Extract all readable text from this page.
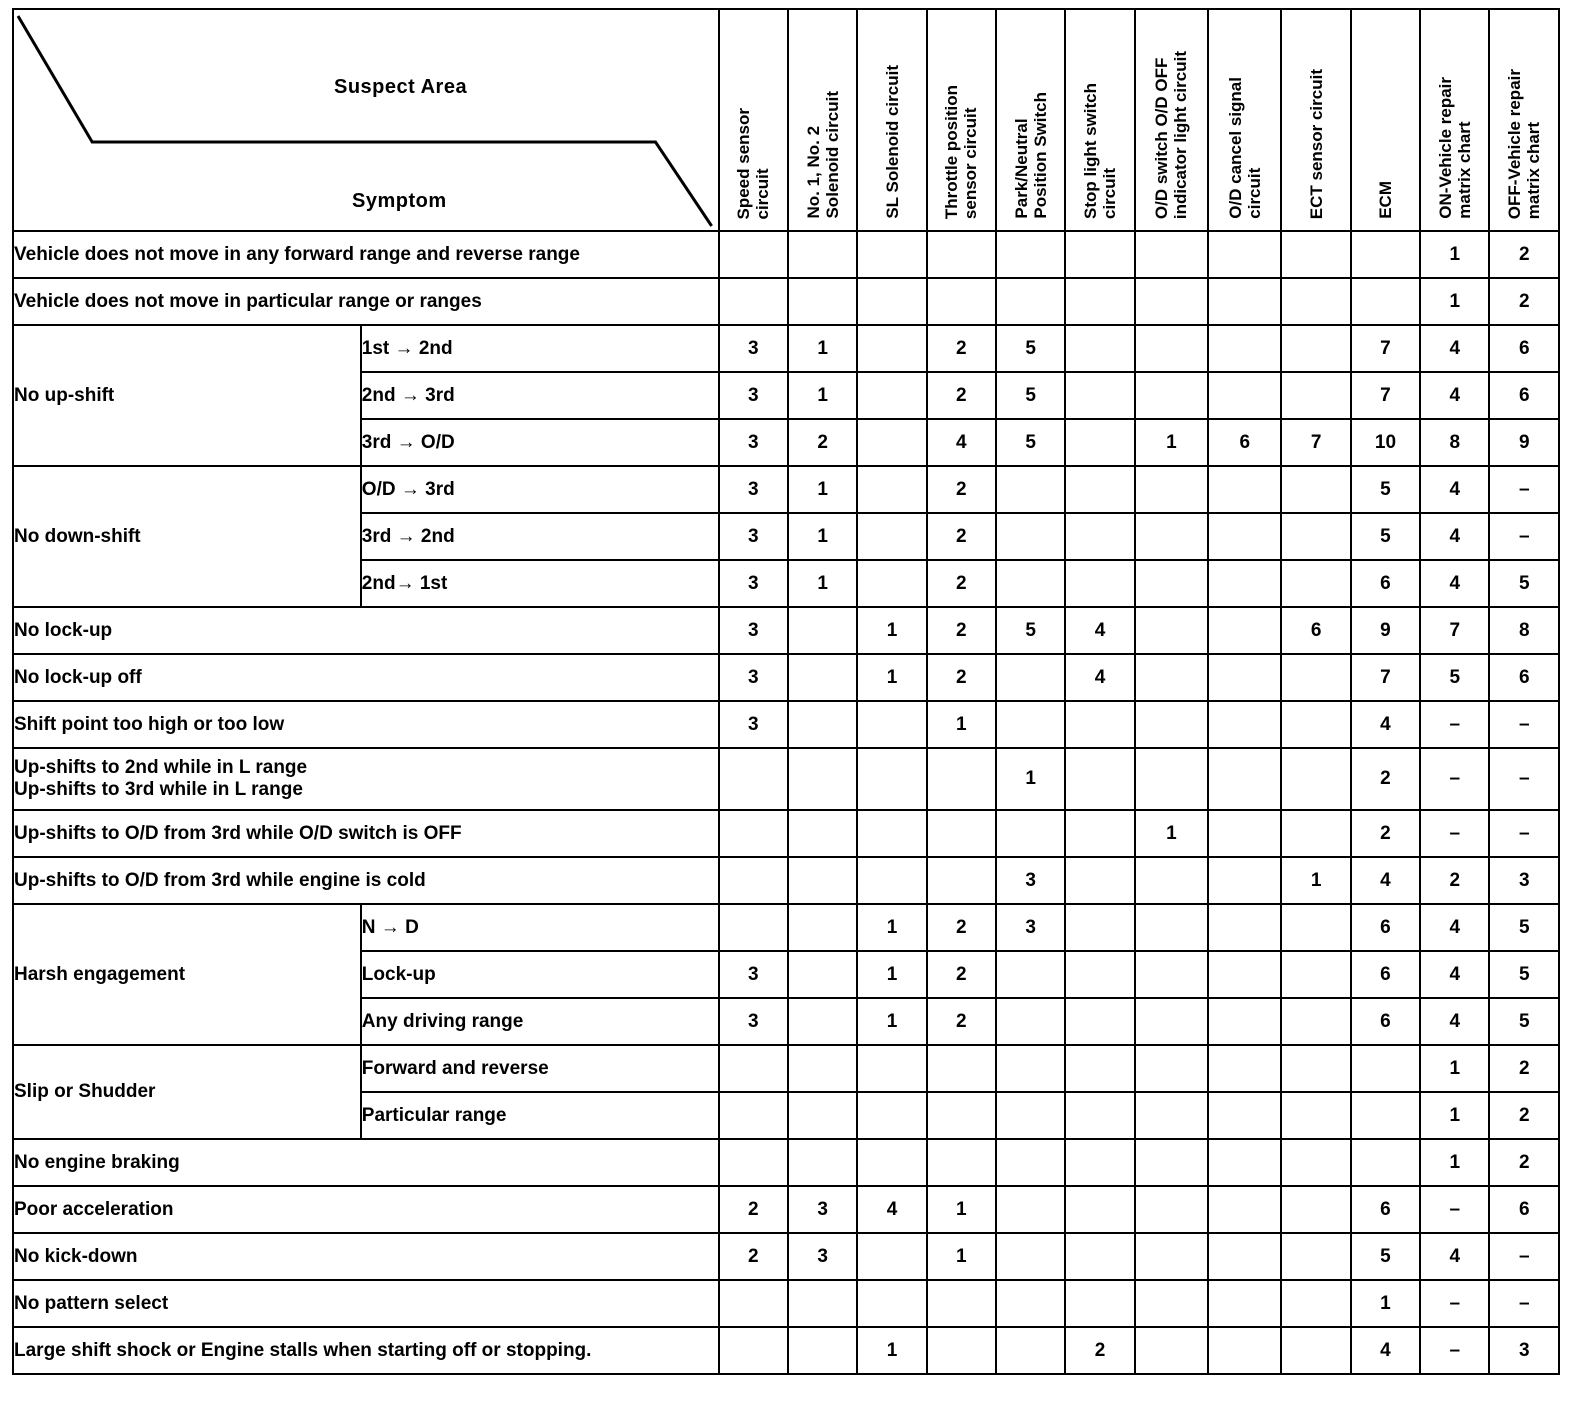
Suspect Area
Symptom		Speed sensor
circuit	No. 1, No. 2
Solenoid circuit	SL Solenoid circuit	Throttle position
sensor circuit	Park/Neutral
Position Switch	Stop light switch
circuit	O/D switch O/D OFF
indicator light circuit	O/D cancel signal
circuit	ECT sensor circuit	ECM	ON-Vehicle repair
matrix chart	OFF-Vehicle repair
matrix chart
Vehicle does not move in any forward range and reverse range												1	2
Vehicle does not move in particular range or ranges												1	2
No up-shift	1st → 2nd	3	1		2	5					7	4	6
	2nd → 3rd	3	1		2	5					7	4	6
	3rd → O/D	3	2		4	5		1	6	7	10	8	9
No down-shift	O/D → 3rd	3	1		2						5	4	–
	3rd → 2nd	3	1		2						5	4	–
	2nd→ 1st	3	1		2						6	4	5
No lock-up		3		1	2	5	4			6	9	7	8
No lock-up off		3		1	2		4				7	5	6
Shift point too high or too low		3			1						4	–	–
Up-shifts to 2nd while in L range
Up-shifts to 3rd while in L range						1					2	–	–
Up-shifts to O/D from 3rd while O/D switch is OFF								1			2	–	–
Up-shifts to O/D from 3rd while engine is cold						3				1	4	2	3
Harsh engagement	N → D			1	2	3					6	4	5
	Lock-up	3		1	2						6	4	5
	Any driving range	3		1	2						6	4	5
Slip or Shudder	Forward and reverse											1	2
	Particular range											1	2
No engine braking												1	2
Poor acceleration		2	3	4	1						6	–	6
No kick-down		2	3		1						5	4	–
No pattern select											1	–	–
Large shift shock or Engine stalls when starting off or stopping.				1			2				4	–	3
